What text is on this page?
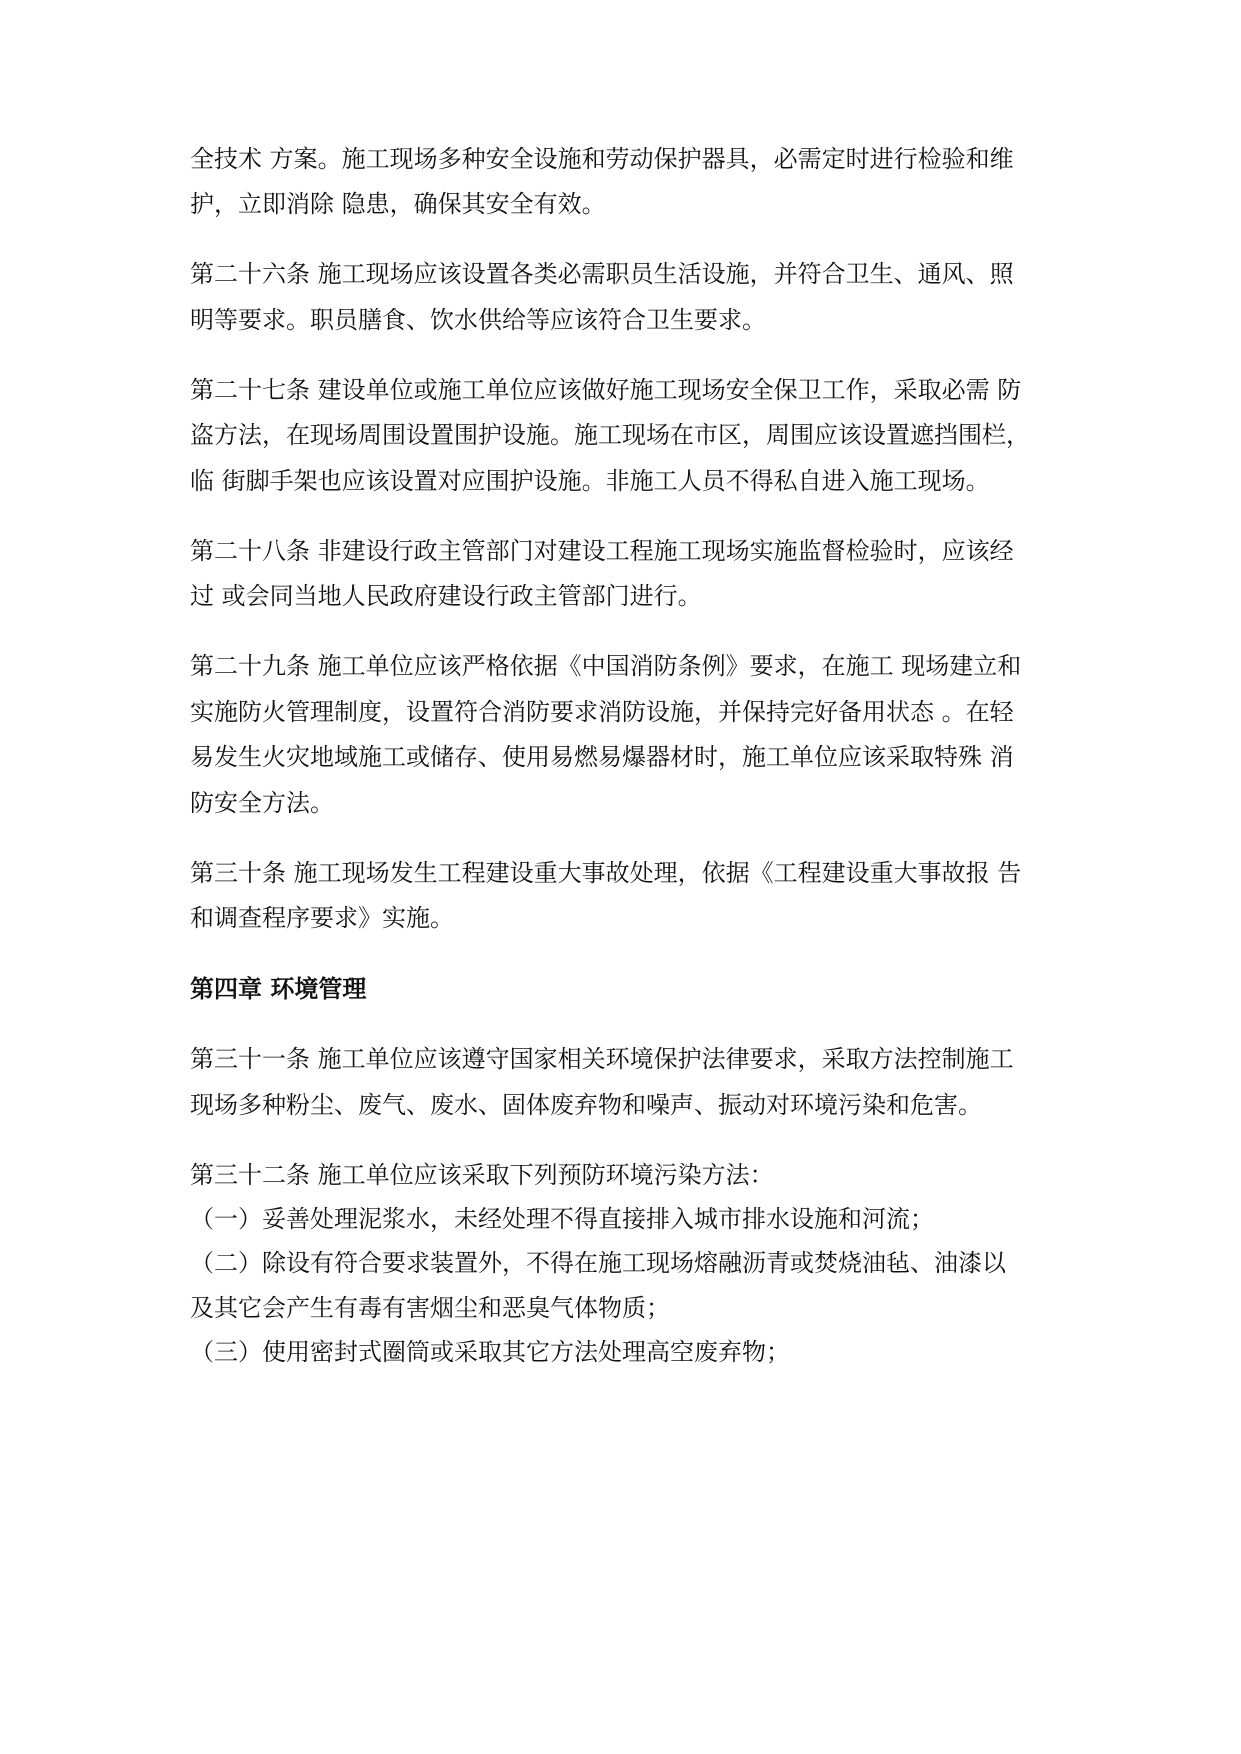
全技术 方案。施工现场多种安全设施和劳动保护器具，必需定时进行检验和维
护，立即消除 隐患，确保其安全有效。
第二十六条 施工现场应该设置各类必需职员生活设施，并符合卫生、通风、照
明等要求。职员膳食、饮水供给等应该符合卫生要求。
第二十七条 建设单位或施工单位应该做好施工现场安全保卫工作，采取必需 防
盗方法，在现场周围设置围护设施。施工现场在市区，周围应该设置遮挡围栏，
临 街脚手架也应该设置对应围护设施。非施工人员不得私自进入施工现场。
第二十八条 非建设行政主管部门对建设工程施工现场实施监督检验时，应该经
过 或会同当地人民政府建设行政主管部门进行。
第二十九条 施工单位应该严格依据《中国消防条例》要求，在施工 现场建立和
实施防火管理制度，设置符合消防要求消防设施，并保持完好备用状态 。在轻
易发生火灾地域施工或储存、使用易燃易爆器材时，施工单位应该采取特殊 消
防安全方法。
第三十条 施工现场发生工程建设重大事故处理，依据《工程建设重大事故报 告
和调查程序要求》实施。
第四章 环境管理
第三十一条 施工单位应该遵守国家相关环境保护法律要求，采取方法控制施工
现场多种粉尘、废气、废水、固体废弃物和噪声、振动对环境污染和危害。
第三十二条 施工单位应该采取下列预防环境污染方法：
（一）妥善处理泥浆水，未经处理不得直接排入城市排水设施和河流；
（二）除设有符合要求装置外，不得在施工现场熔融沥青或焚烧油毡、油漆以
及其它会产生有毒有害烟尘和恶臭气体物质；
（三）使用密封式圈筒或采取其它方法处理高空废弃物；
